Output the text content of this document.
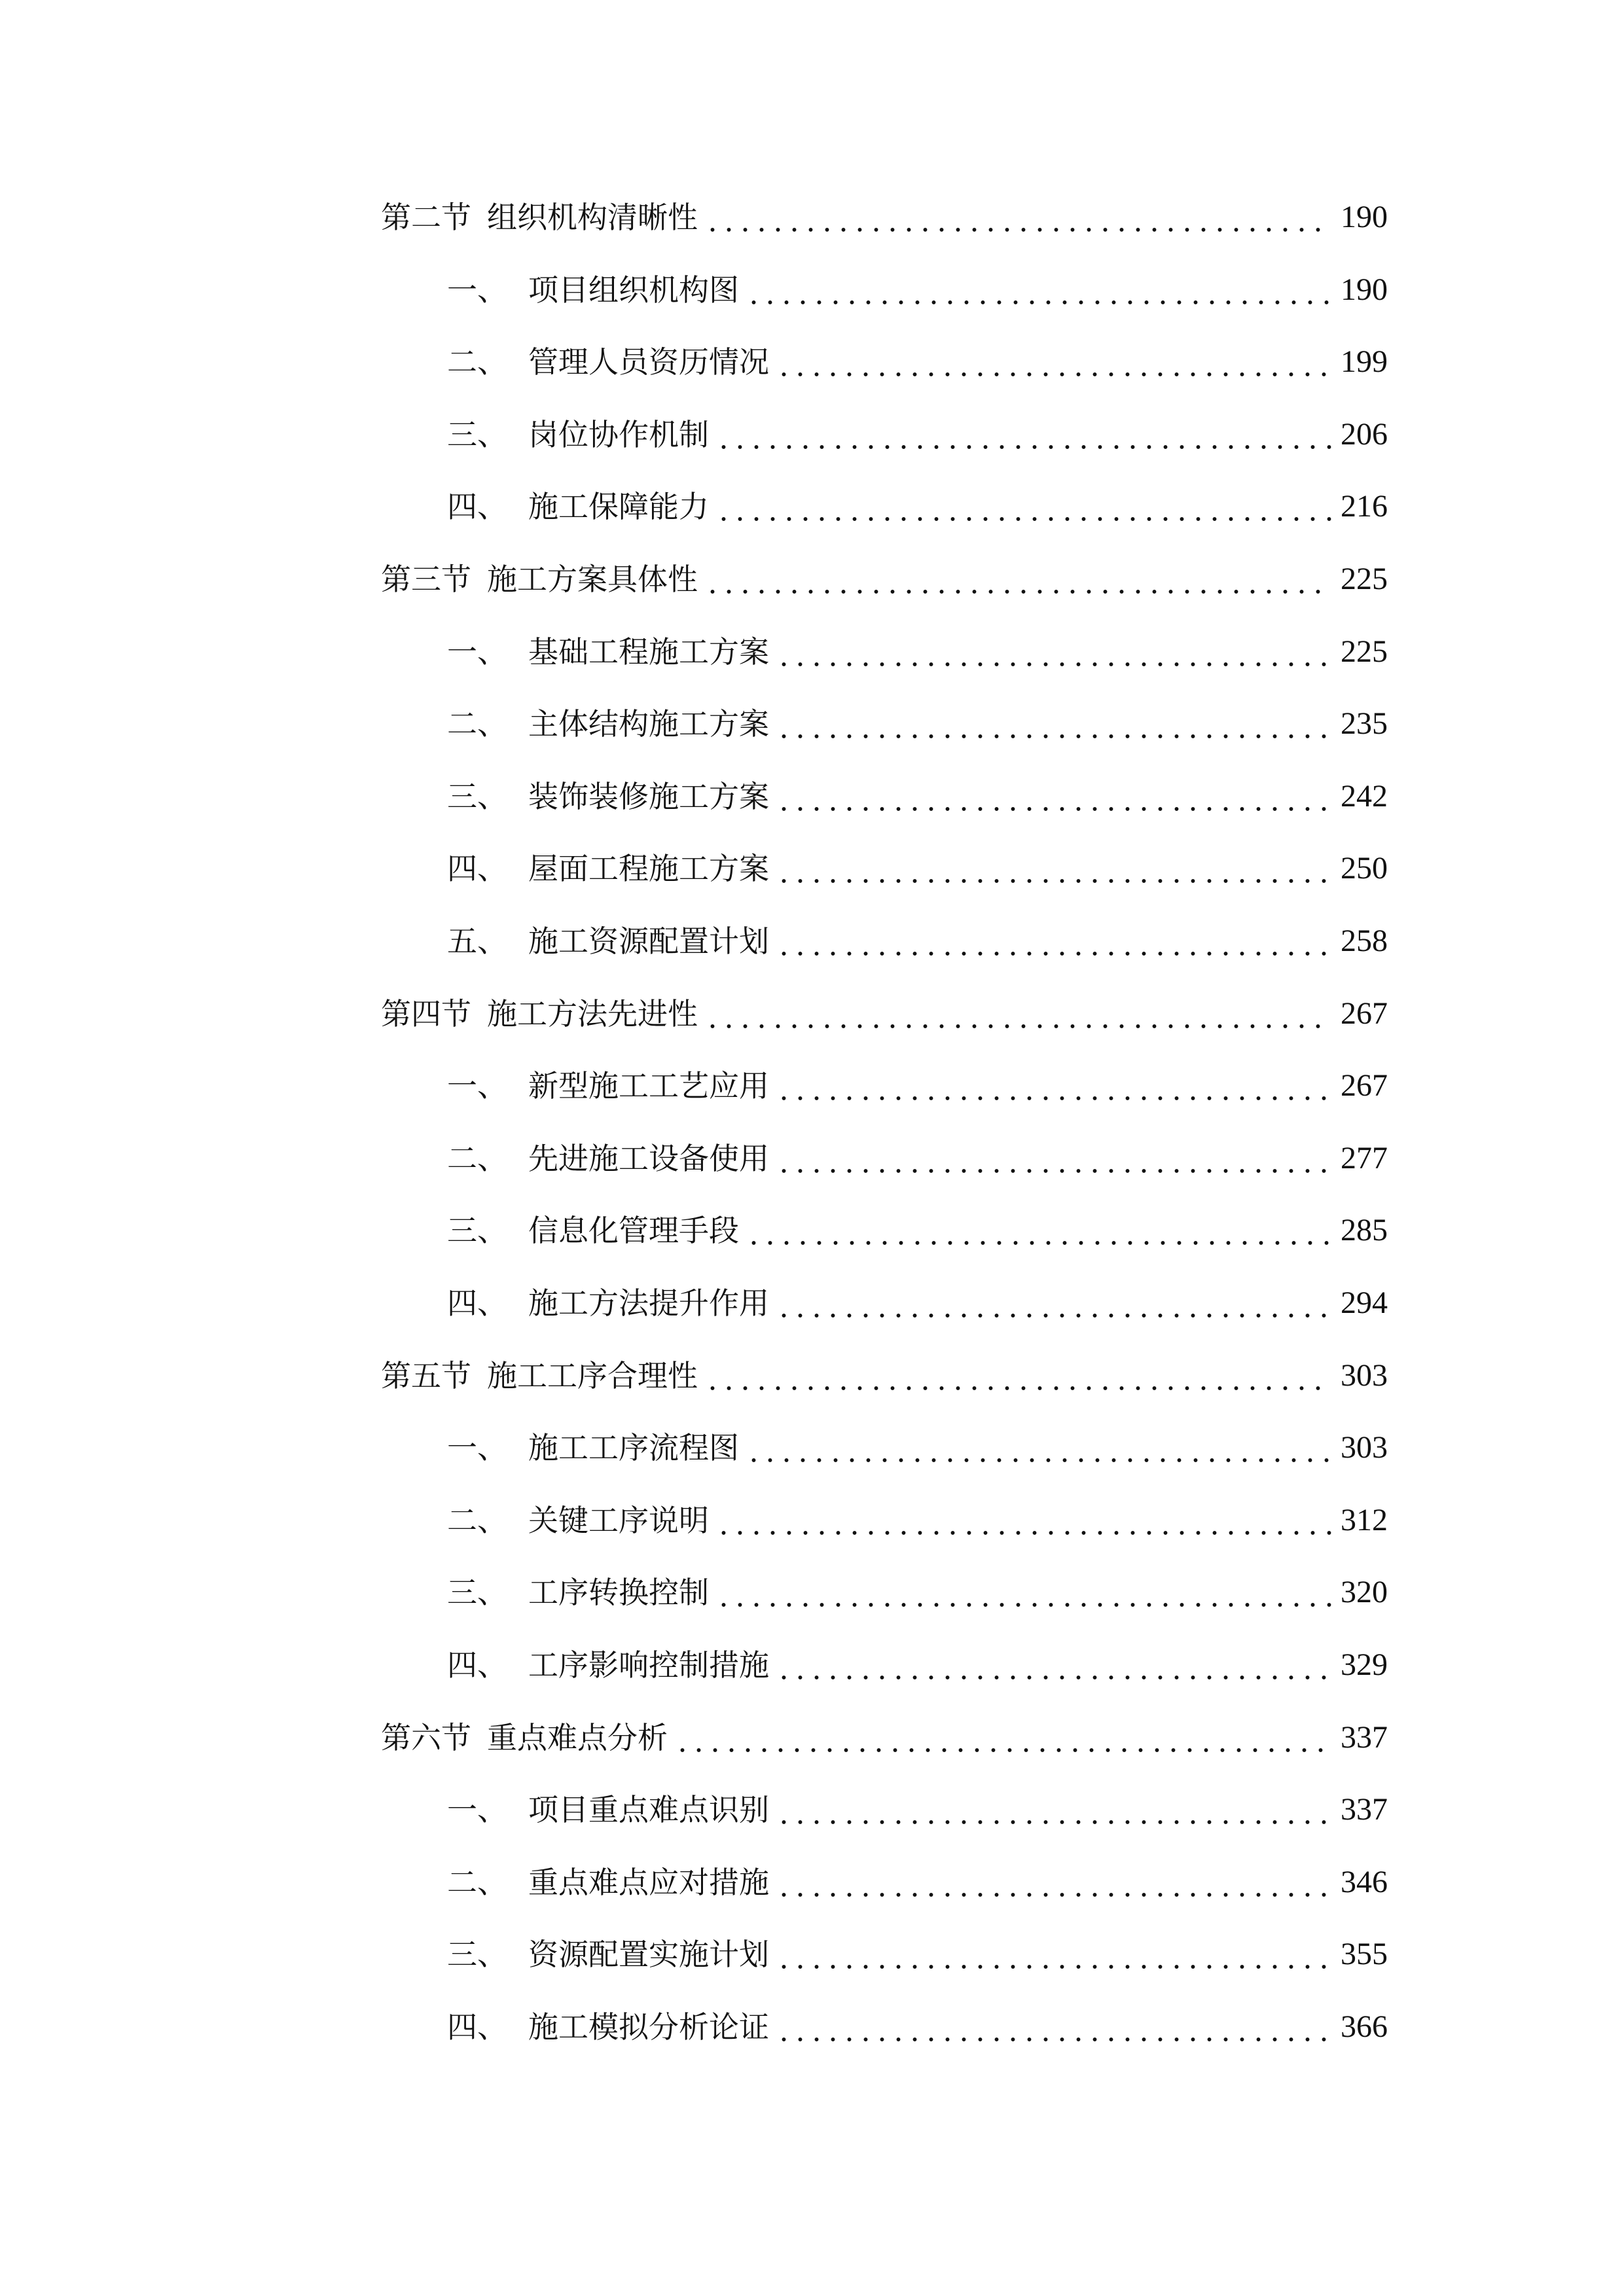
第二节 组织机构清晰性	190
一、 项目组织机构图	190
二、 管理人员资历情况	199
三、 岗位协作机制	206
四、 施工保障能力	216
第三节 施工方案具体性	225
一、 基础工程施工方案	225
二、 主体结构施工方案	235
三、 装饰装修施工方案	242
四、 屋面工程施工方案	250
五、 施工资源配置计划	258
第四节 施工方法先进性	267
一、 新型施工工艺应用	267
二、 先进施工设备使用	277
三、 信息化管理手段	285
四、 施工方法提升作用	294
第五节 施工工序合理性	303
一、 施工工序流程图	303
二、 关键工序说明	312
三、 工序转换控制	320
四、 工序影响控制措施	329
第六节 重点难点分析	337
一、 项目重点难点识别	337
二、 重点难点应对措施	346
三、 资源配置实施计划	355
四、 施工模拟分析论证	366
